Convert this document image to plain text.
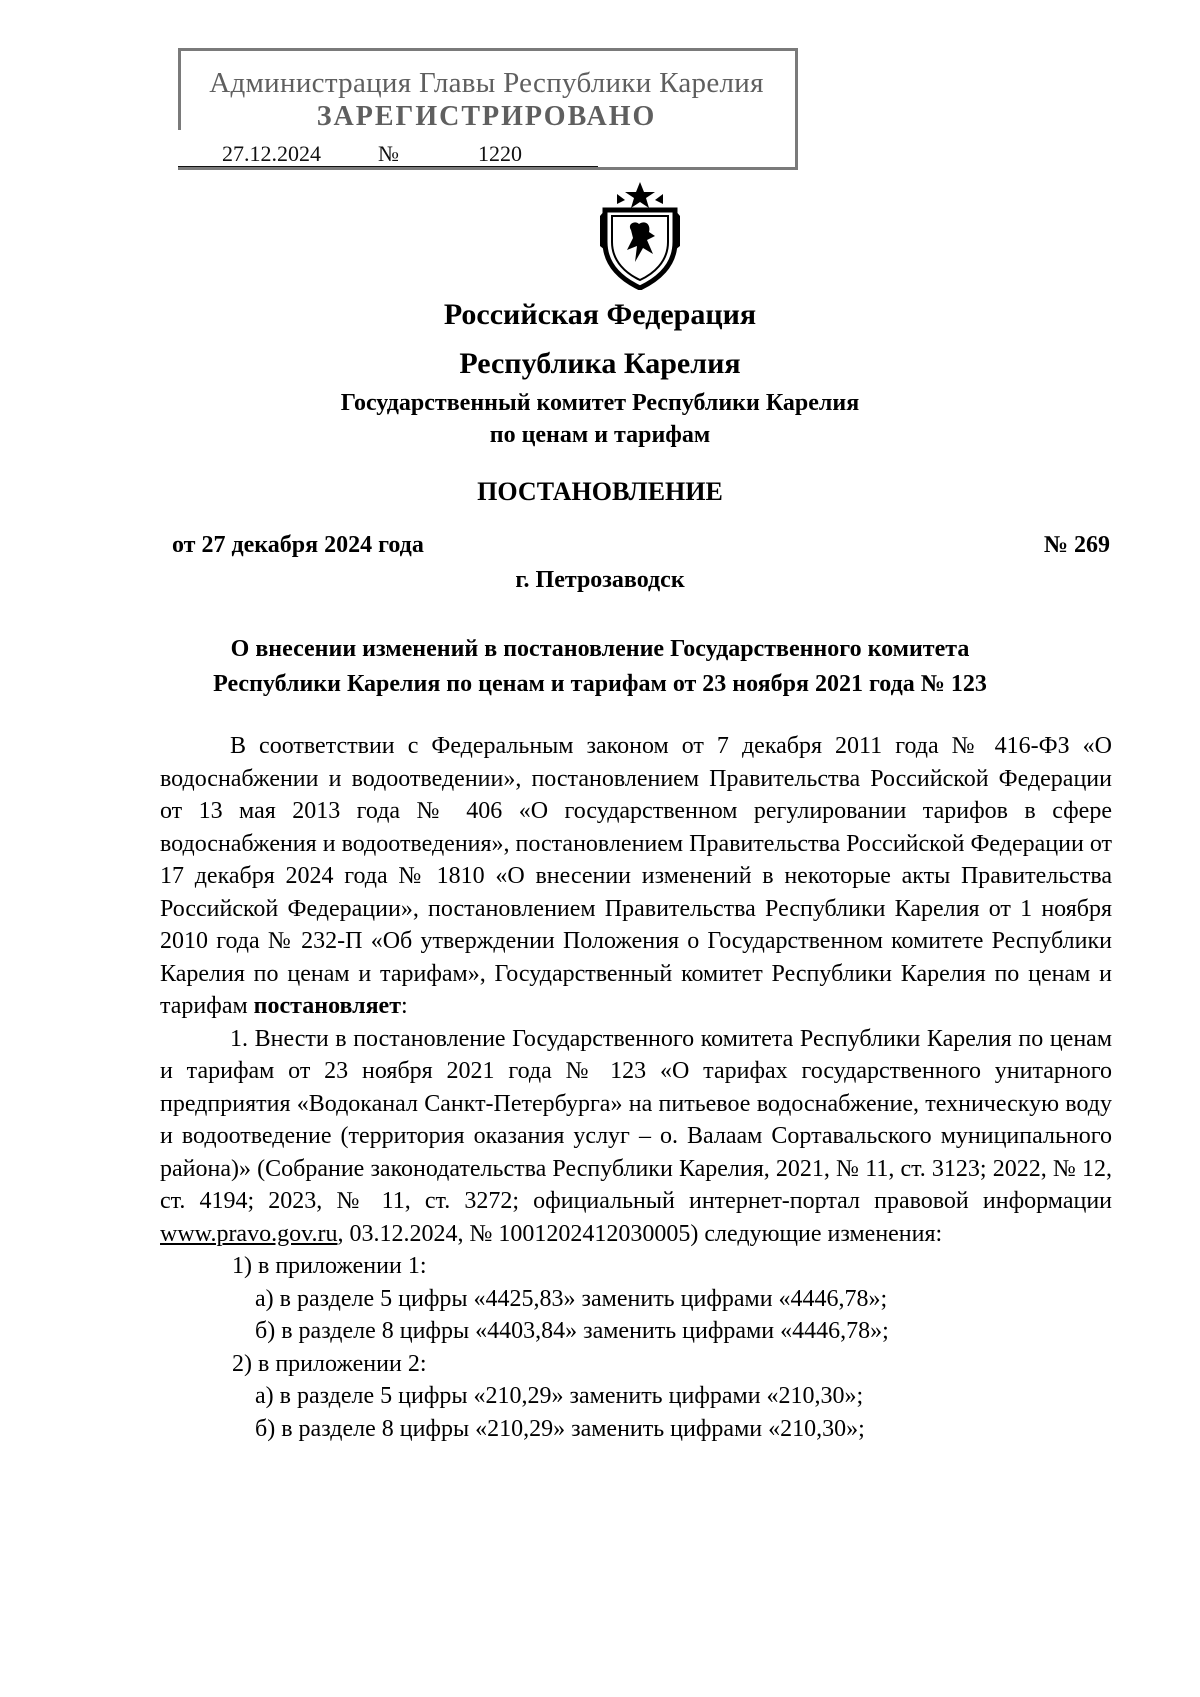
Администрация Главы Республики Карелия
ЗАРЕГИСТРИРОВАНО
27.12.2024	№	1220
Российская Федерация
Республика Карелия
Государственный комитет Республики Карелия
по ценам и тарифам
ПОСТАНОВЛЕНИЕ
от 27 декабря 2024 года	№ 269
г. Петрозаводск
О внесении изменений в постановление Государственного комитета
Республики Карелия по ценам и тарифам от 23 ноября 2021 года № 123

В соответствии с Федеральным законом от 7 декабря 2011 года № 416-ФЗ «О водоснабжении и водоотведении», постановлением Правительства Российской Федерации от 13 мая 2013 года № 406 «О государственном регулировании тарифов в сфере водоснабжения и водоотведения», постановлением Правительства Российской Федерации от 17 декабря 2024 года № 1810 «О внесении изменений в некоторые акты Правительства Российской Федерации», постановлением Правительства Республики Карелия от 1 ноября 2010 года № 232-П «Об утверждении Положения о Государственном комитете Республики Карелия по ценам и тарифам», Государственный комитет Республики Карелия по ценам и тарифам постановляет:

1. Внести в постановление Государственного комитета Республики Карелия по ценам и тарифам от 23 ноября 2021 года № 123 «О тарифах государственного унитарного предприятия «Водоканал Санкт-Петербурга» на питьевое водоснабжение, техническую воду и водоотведение (территория оказания услуг – о. Валаам Сортавальского муниципального района)» (Собрание законодательства Республики Карелия, 2021, № 11, ст. 3123; 2022, № 12, ст. 4194; 2023, № 11, ст. 3272; официальный интернет-портал правовой информации www.pravo.gov.ru, 03.12.2024, № 1001202412030005) следующие изменения:

1) в приложении 1:

а) в разделе 5 цифры «4425,83» заменить цифрами «4446,78»;

б) в разделе 8 цифры «4403,84» заменить цифрами «4446,78»;

2) в приложении 2:

а) в разделе 5 цифры «210,29» заменить цифрами «210,30»;

б) в разделе 8 цифры «210,29» заменить цифрами «210,30»;
